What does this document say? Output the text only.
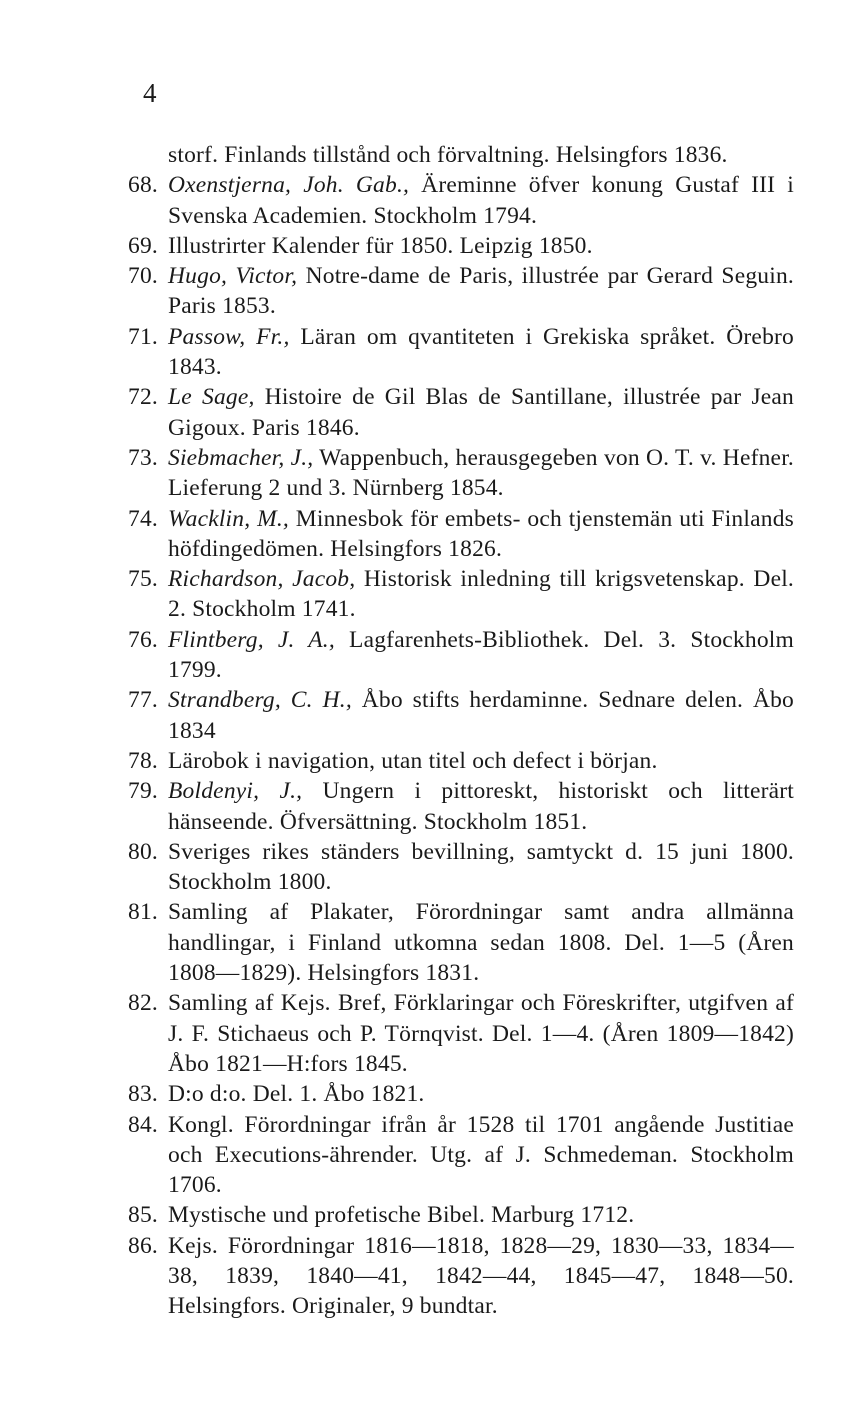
4
storf. Finlands tillstånd och förvaltning. Helsingfors 1836.
68. Oxenstjerna, Joh. Gab., Äreminne öfver konung Gustaf III i Svenska Academien. Stockholm 1794.
69. Illustrirter Kalender für 1850. Leipzig 1850.
70. Hugo, Victor, Notre-dame de Paris, illustrée par Gerard Seguin. Paris 1853.
71. Passow, Fr., Läran om qvantiteten i Grekiska språket. Örebro 1843.
72. Le Sage, Histoire de Gil Blas de Santillane, illustrée par Jean Gigoux. Paris 1846.
73. Siebmacher, J., Wappenbuch, herausgegeben von O. T. v. Hefner. Lieferung 2 und 3. Nürnberg 1854.
74. Wacklin, M., Minnesbok för embets- och tjenstemän uti Finlands höfdingedömen. Helsingfors 1826.
75. Richardson, Jacob, Historisk inledning till krigsvetenskap. Del. 2. Stockholm 1741.
76. Flintberg, J. A., Lagfarenhets-Bibliothek. Del. 3. Stockholm 1799.
77. Strandberg, C. H., Åbo stifts herdaminne. Sednare delen. Åbo 1834
78. Lärobok i navigation, utan titel och defect i början.
79. Boldenyi, J., Ungern i pittoreskt, historiskt och litterärt hänseende. Öfversättning. Stockholm 1851.
80. Sveriges rikes ständers bevillning, samtyckt d. 15 juni 1800. Stockholm 1800.
81. Samling af Plakater, Förordningar samt andra allmänna handlingar, i Finland utkomna sedan 1808. Del. 1—5 (Åren 1808—1829). Helsingfors 1831.
82. Samling af Kejs. Bref, Förklaringar och Föreskrifter, utgifven af J. F. Stichaeus och P. Törnqvist. Del. 1—4. (Åren 1809—1842) Åbo 1821—H:fors 1845.
83. D:o d:o. Del. 1. Åbo 1821.
84. Kongl. Förordningar ifrån år 1528 til 1701 angående Justitiae och Executions-ährender. Utg. af J. Schmedeman. Stockholm 1706.
85. Mystische und profetische Bibel. Marburg 1712.
86. Kejs. Förordningar 1816—1818, 1828—29, 1830—33, 1834—38, 1839, 1840—41, 1842—44, 1845—47, 1848—50. Helsingfors. Originaler, 9 bundtar.
